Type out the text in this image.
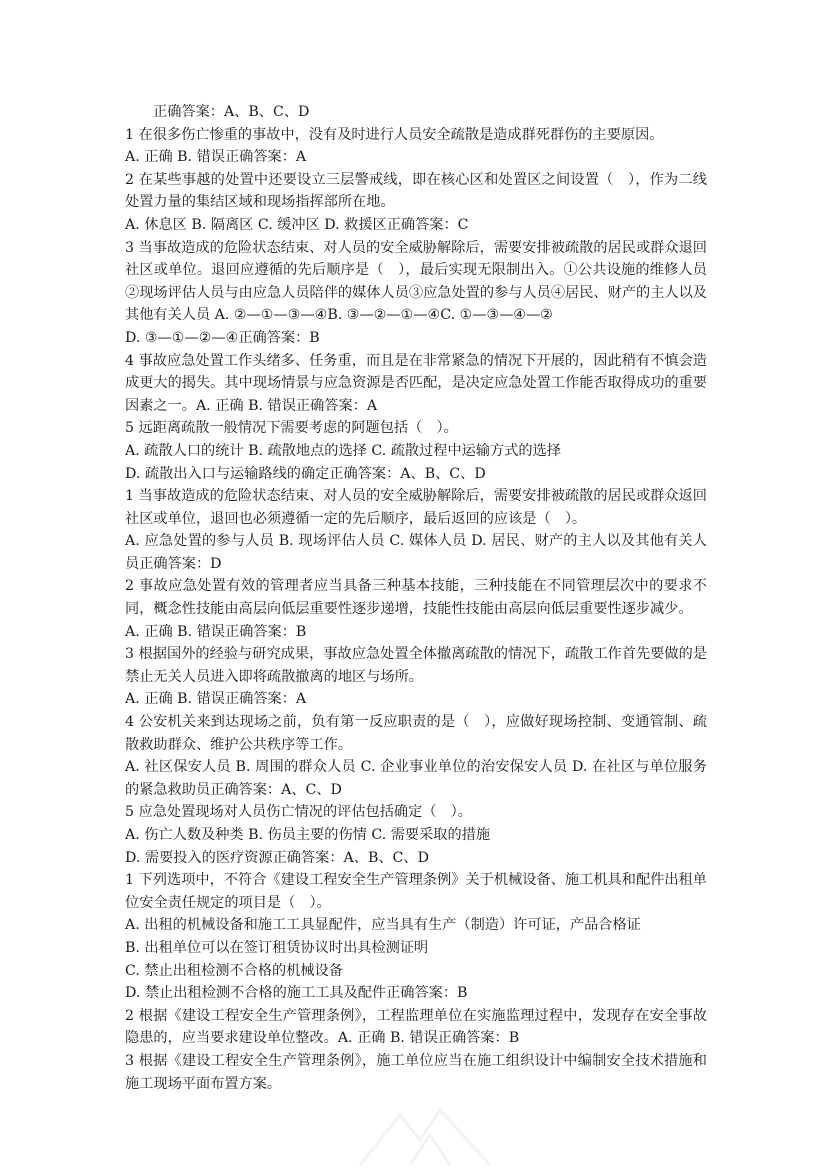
正确答案：A、B、C、D

1 在很多伤亡惨重的事故中，没有及时进行人员安全疏散是造成群死群伤的主要原因。

A. 正确 B. 错误正确答案：A

2 在某些事越的处置中还要设立三层警戒线，即在核心区和处置区之间设置（　），作为二线处置力量的集结区域和现场指挥部所在地。

A. 休息区 B. 隔离区 C. 缓冲区 D. 救援区正确答案：C

3 当事故造成的危险状态结束、对人员的安全威胁解除后，需要安排被疏散的居民或群众退回社区或单位。退回应遵循的先后顺序是（　），最后实现无限制出入。①公共设施的维修人员②现场评估人员与由应急人员陪伴的媒体人员③应急处置的参与人员④居民、财产的主人以及其他有关人员 A. ②—①—③—④B. ③—②—①—④C. ①—③—④—②

D. ③—①—②—④正确答案：B

4 事故应急处置工作头绪多、任务重，而且是在非常紧急的情况下开展的，因此稍有不慎会造成更大的揭失。其中现场情景与应急资源是否匹配，是决定应急处置工作能否取得成功的重要因素之一。A. 正确 B. 错误正确答案：A

5 远距离疏散一般情况下需要考虑的阿题包括（　）。

A. 疏散人口的统计 B. 疏散地点的选择 C. 疏散过程中运输方式的选择

D. 疏散出入口与运输路线的确定正确答案：A、B、C、D

1 当事故造成的危险状态结束、对人员的安全威胁解除后，需要安排被疏散的居民或群众返回社区或单位，退回也必须遵循一定的先后顺序，最后返回的应该是（　）。

A. 应急处置的参与人员 B. 现场评估人员 C. 媒体人员 D. 居民、财产的主人以及其他有关人员正确答案：D

2 事故应急处置有效的管理者应当具备三种基本技能，三种技能在不同管理层次中的要求不同，概念性技能由高层向低层重要性逐步递增，技能性技能由高层向低层重要性逐步减少。

A. 正确 B. 错误正确答案：B

3 根据国外的经验与研究成果，事故应急处置全体撤离疏散的情况下，疏散工作首先要做的是禁止无关人员进入即将疏散撤离的地区与场所。

A. 正确 B. 错误正确答案：A

4 公安机关来到达现场之前，负有第一反应职责的是（　），应做好现场控制、变通管制、疏散救助群众、维护公共秩序等工作。

A. 社区保安人员 B. 周围的群众人员 C. 企业事业单位的治安保安人员 D. 在社区与单位服务的紧急救助员正确答案：A、C、D

5 应急处置现场对人员伤亡情况的评估包括确定（　）。

A. 伤亡人数及种类 B. 伤员主要的伤情 C. 需要采取的措施

D. 需要投入的医疗资源正确答案：A、B、C、D

1 下列选项中，不符合《建设工程安全生产管理条例》关于机械设备、施工机具和配件出租单位安全责任规定的项目是（　）。

A. 出租的机械设备和施工工具显配件，应当具有生产（制造）许可证，产品合格证

B. 出租单位可以在签订租赁协议时出具检测证明

C. 禁止出租检测不合格的机械设备

D. 禁止出租检测不合格的施工工具及配件正确答案：B

2 根据《建设工程安全生产管理条例》，工程监理单位在实施监理过程中，发现存在安全事故隐患的，应当要求建设单位整改。A. 正确 B. 错误正确答案：B

3 根据《建设工程安全生产管理条例》，施工单位应当在施工组织设计中编制安全技术措施和施工现场平面布置方案。
